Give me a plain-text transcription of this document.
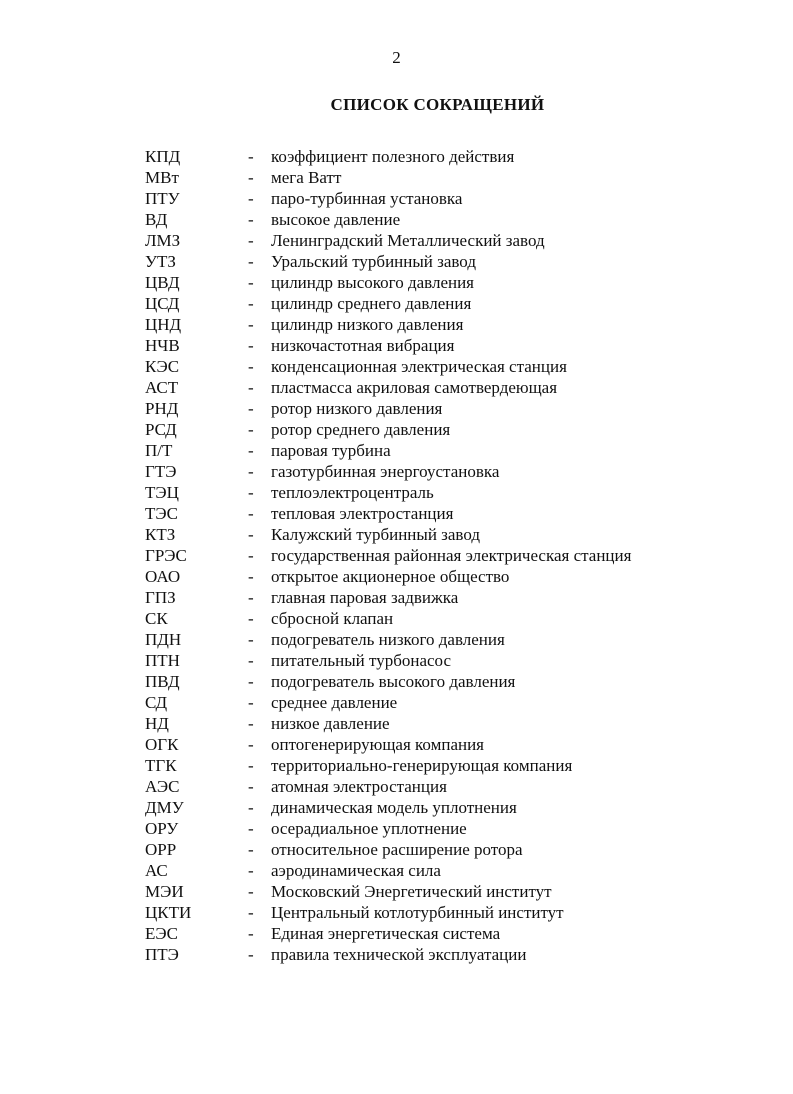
2
СПИСОК СОКРАЩЕНИЙ
КПД	- коэффициент полезного действия
МВт	- мега Ватт
ПТУ	- паро-турбинная установка
ВД	- высокое давление
ЛМЗ	- Ленинградский Металлический завод
УТЗ	- Уральский турбинный завод
ЦВД	- цилиндр высокого давления
ЦСД	- цилиндр среднего давления
ЦНД	- цилиндр низкого давления
НЧВ	- низкочастотная вибрация
КЭС	- конденсационная электрическая станция
АСТ	- пластмасса акриловая самотвердеющая
РНД	- ротор низкого давления
РСД	- ротор среднего давления
П/Т	- паровая турбина
ГТЭ	- газотурбинная энергоустановка
ТЭЦ	- теплоэлектроцентраль
ТЭС	- тепловая электростанция
КТЗ	- Калужский турбинный завод
ГРЭС	- государственная районная электрическая станция
ОАО	- открытое акционерное общество
ГПЗ	- главная паровая задвижка
СК	- сбросной клапан
ПДН	- подогреватель низкого давления
ПТН	- питательный турбонасос
ПВД	- подогреватель высокого давления
СД	- среднее давление
НД	- низкое давление
ОГК	- оптогенерирующая компания
ТГК	- территориально-генерирующая компания
АЭС	- атомная электростанция
ДМУ	- динамическая модель уплотнения
ОРУ	- осерадиальное уплотнение
ОРР	- относительное расширение ротора
АС	- аэродинамическая сила
МЭИ	- Московский Энергетический институт
ЦКТИ	- Центральный котлотурбинный институт
ЕЭС	- Единая энергетическая система
ПТЭ	- правила технической эксплуатации
